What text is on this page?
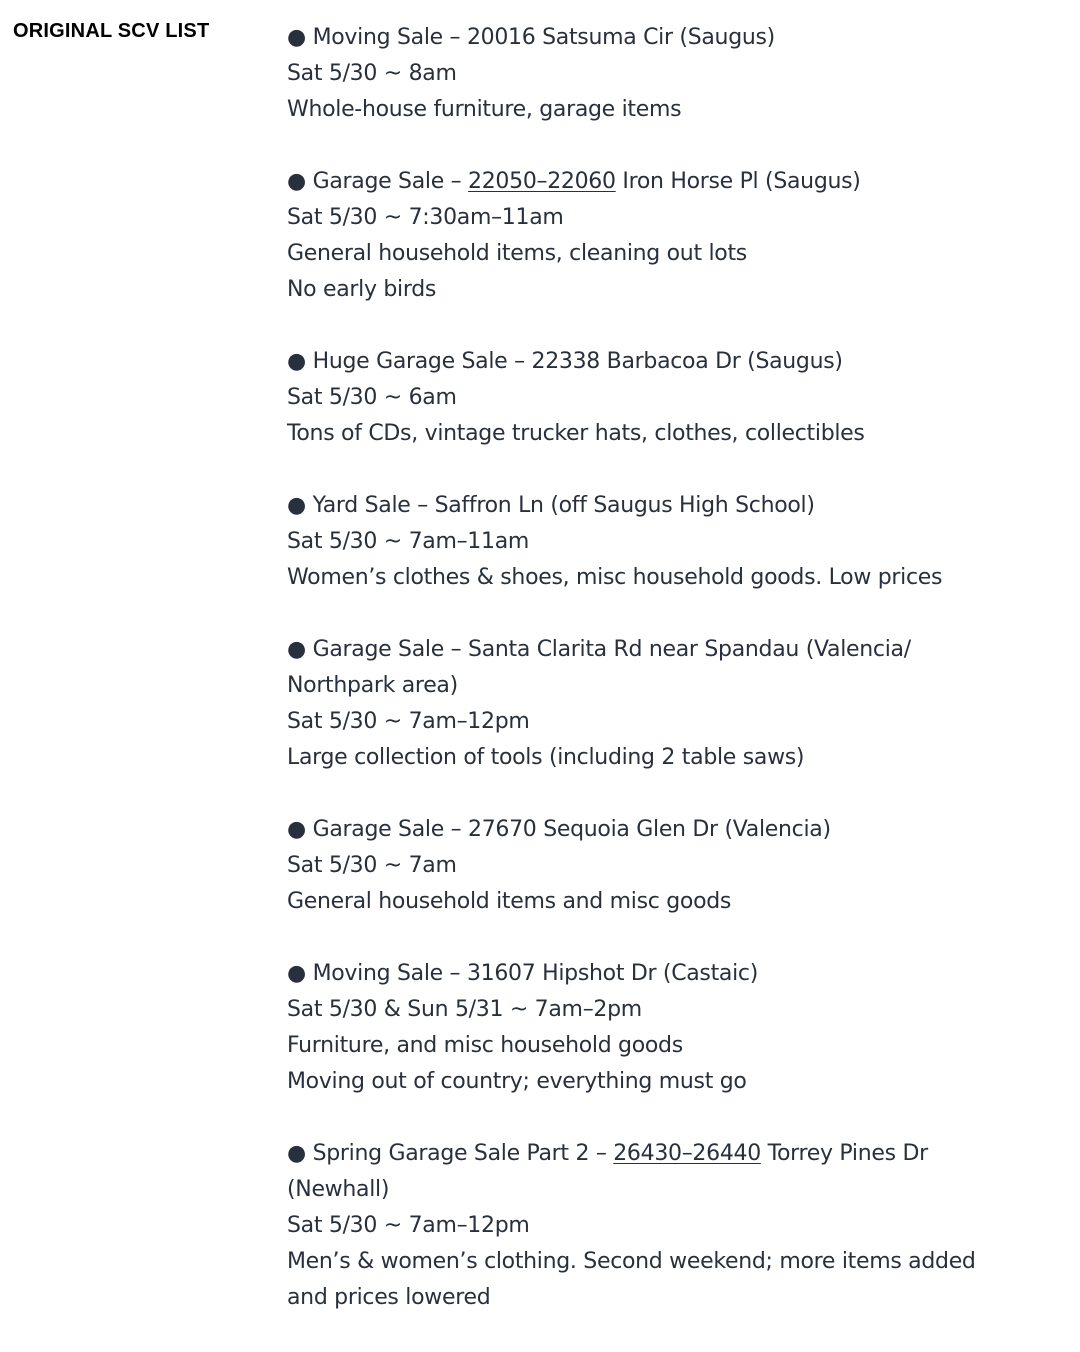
ORIGINAL SCV LIST	● Moving Sale – 20016 Satsuma Cir (Saugus)

Sat 5/30 ~ 8am

Whole-house furniture, garage items

● Garage Sale – 22050–22060 Iron Horse Pl (Saugus)

Sat 5/30 ~ 7:30am–11am

General household items, cleaning out lots

No early birds

● Huge Garage Sale – 22338 Barbacoa Dr (Saugus)

Sat 5/30 ~ 6am

Tons of CDs, vintage trucker hats, clothes, collectibles

● Yard Sale – Saffron Ln (off Saugus High School)

Sat 5/30 ~ 7am–11am

Women’s clothes & shoes, misc household goods. Low prices

● Garage Sale – Santa Clarita Rd near Spandau (Valencia/ Northpark area)

Sat 5/30 ~ 7am–12pm

Large collection of tools (including 2 table saws)

● Garage Sale – 27670 Sequoia Glen Dr (Valencia)

Sat 5/30 ~ 7am

General household items and misc goods

● Moving Sale – 31607 Hipshot Dr (Castaic)

Sat 5/30 & Sun 5/31 ~ 7am–2pm

Furniture, and misc household goods

Moving out of country; everything must go

● Spring Garage Sale Part 2 – 26430–26440 Torrey Pines Dr (Newhall)

Sat 5/30 ~ 7am–12pm

Men’s & women’s clothing. Second weekend; more items added and prices lowered
